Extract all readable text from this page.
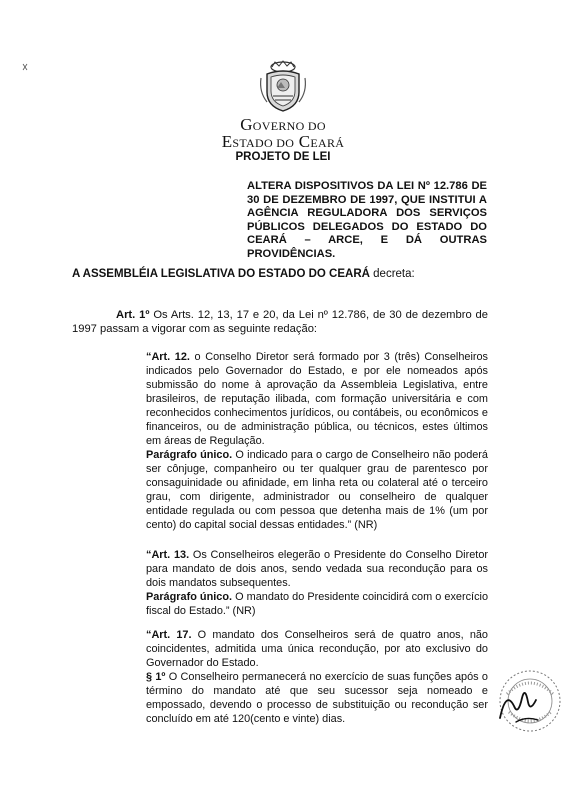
GOVERNO DO
ESTADO DO CEARÁ
PROJETO DE LEI
ALTERA DISPOSITIVOS DA LEI Nº 12.786 DE 30 DE DEZEMBRO DE 1997, QUE INSTITUI A AGÊNCIA REGULADORA DOS SERVIÇOS PÚBLICOS DELEGADOS DO ESTADO DO CEARÁ – ARCE, E DÁ OUTRAS PROVIDÊNCIAS.
A ASSEMBLÉIA LEGISLATIVA DO ESTADO DO CEARÁ decreta:
Art. 1º Os Arts. 12, 13, 17 e 20, da Lei nº 12.786, de 30 de dezembro de 1997 passam a vigorar com as seguinte redação:

“Art. 12. o Conselho Diretor será formado por 3 (três) Conselheiros indicados pelo Governador do Estado, e por ele nomeados após submissão do nome à aprovação da Assembleia Legislativa, entre brasileiros, de reputação ilibada, com formação universitária e com reconhecidos conhecimentos jurídicos, ou contábeis, ou econômicos e financeiros, ou de administração pública, ou técnicos, estes últimos em áreas de Regulação.

Parágrafo único. O indicado para o cargo de Conselheiro não poderá ser cônjuge, companheiro ou ter qualquer grau de parentesco por consaguinidade ou afinidade, em linha reta ou colateral até o terceiro grau, com dirigente, administrador ou conselheiro de qualquer entidade regulada ou com pessoa que detenha mais de 1% (um por cento) do capital social dessas entidades.” (NR)

“Art. 13. Os Conselheiros elegerão o Presidente do Conselho Diretor para mandato de dois anos, sendo vedada sua recondução para os dois mandatos subsequentes.

Parágrafo único. O mandato do Presidente coincidirá com o exercício fiscal do Estado.” (NR)

“Art. 17. O mandato dos Conselheiros será de quatro anos, não coincidentes, admitida uma única recondução, por ato exclusivo do Governador do Estado.

§ 1º O Conselheiro permanecerá no exercício de suas funções após o término do mandato até que seu sucessor seja nomeado e empossado, devendo o processo de substituição ou recondução ser concluído em até 120(cento e vinte) dias.
